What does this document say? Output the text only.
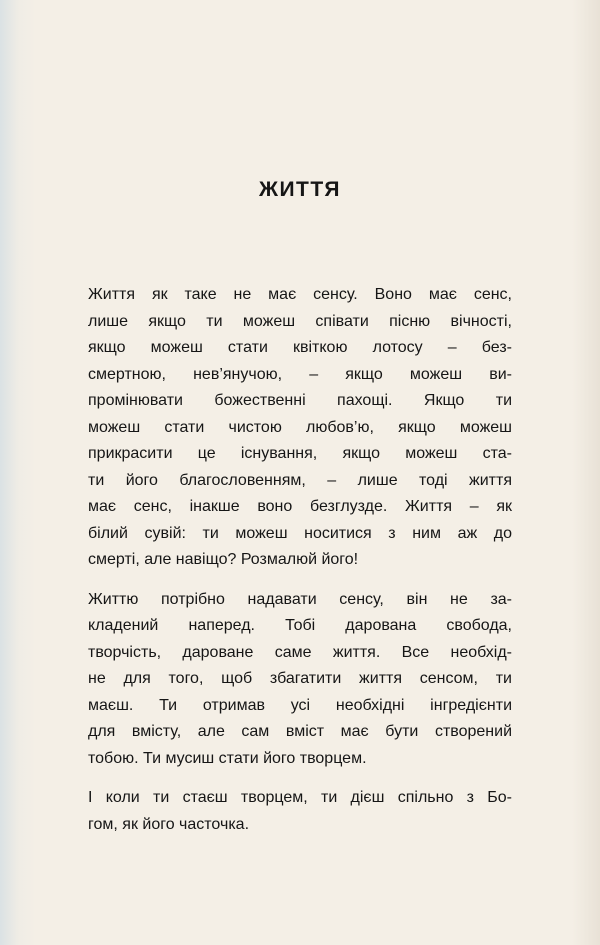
ЖИТТЯ

Життя як таке не має сенсу. Воно має сенс,
лише якщо ти можеш співати пісню вічності,
якщо можеш стати квіткою лотосу – без-
смертною, нев’янучою, – якщо можеш ви-
промінювати божественні пахощі. Якщо ти
можеш стати чистою любов’ю, якщо можеш
прикрасити це існування, якщо можеш ста-
ти його благословенням, – лише тоді життя
має сенс, інакше воно безглузде. Життя – як
білий сувій: ти можеш носитися з ним аж до
смерті, але навіщо? Розмалюй його!

Життю потрібно надавати сенсу, він не за-
кладений наперед. Тобі дарована свобода,
творчість, дароване саме життя. Все необхід-
не для того, щоб збагатити життя сенсом, ти
маєш. Ти отримав усі необхідні інгредієнти
для вмісту, але сам вміст має бути створений
тобою. Ти мусиш стати його творцем.

І коли ти стаєш творцем, ти дієш спільно з Бо-
гом, як його часточка.
